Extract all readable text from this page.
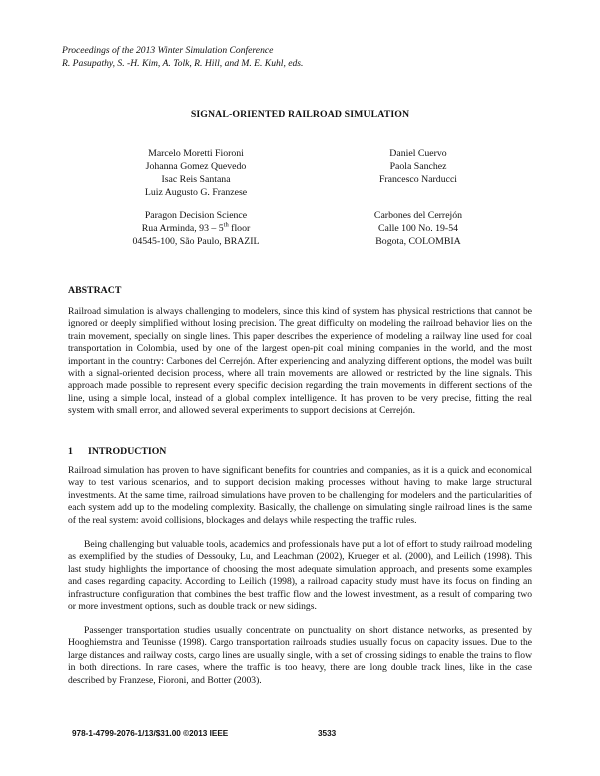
Proceedings of the 2013 Winter Simulation Conference
R. Pasupathy, S. -H. Kim, A. Tolk, R. Hill, and M. E. Kuhl, eds.
SIGNAL-ORIENTED RAILROAD SIMULATION
Marcelo Moretti Fioroni
Johanna Gomez Quevedo
Isac Reis Santana
Luiz Augusto G. Franzese
Daniel Cuervo
Paola Sanchez
Francesco Narducci
Paragon Decision Science
Rua Arminda, 93 – 5th floor
04545-100, São Paulo, BRAZIL
Carbones del Cerrejón
Calle 100 No. 19-54
Bogota, COLOMBIA
ABSTRACT

Railroad simulation is always challenging to modelers, since this kind of system has physical restrictions that cannot be ignored or deeply simplified without losing precision. The great difficulty on modeling the railroad behavior lies on the train movement, specially on single lines. This paper describes the experience of modeling a railway line used for coal transportation in Colombia, used by one of the largest open-pit coal mining companies in the world, and the most important in the country: Carbones del Cerrejón. After experiencing and analyzing different options, the model was built with a signal-oriented decision process, where all train movements are allowed or restricted by the line signals. This approach made possible to represent every specific decision regarding the train movements in different sections of the line, using a simple local, instead of a global complex intelligence. It has proven to be very precise, fitting the real system with small error, and allowed several experiments to support decisions at Cerrejón.

1 INTRODUCTION

Railroad simulation has proven to have significant benefits for countries and companies, as it is a quick and economical way to test various scenarios, and to support decision making processes without having to make large structural investments. At the same time, railroad simulations have proven to be challenging for modelers and the particularities of each system add up to the modeling complexity. Basically, the challenge on simulating single railroad lines is the same of the real system: avoid collisions, blockages and delays while respecting the traffic rules.

Being challenging but valuable tools, academics and professionals have put a lot of effort to study railroad modeling as exemplified by the studies of Dessouky, Lu, and Leachman (2002), Krueger et al. (2000), and Leilich (1998). This last study highlights the importance of choosing the most adequate simulation approach, and presents some examples and cases regarding capacity. According to Leilich (1998), a railroad capacity study must have its focus on finding an infrastructure configuration that combines the best traffic flow and the lowest investment, as a result of comparing two or more investment options, such as double track or new sidings.

Passenger transportation studies usually concentrate on punctuality on short distance networks, as presented by Hooghiemstra and Teunisse (1998). Cargo transportation railroads studies usually focus on capacity issues. Due to the large distances and railway costs, cargo lines are usually single, with a set of crossing sidings to enable the trains to flow in both directions. In rare cases, where the traffic is too heavy, there are long double track lines, like in the case described by Franzese, Fioroni, and Botter (2003).

978-1-4799-2076-1/13/$31.00 ©2013 IEEE	3533
